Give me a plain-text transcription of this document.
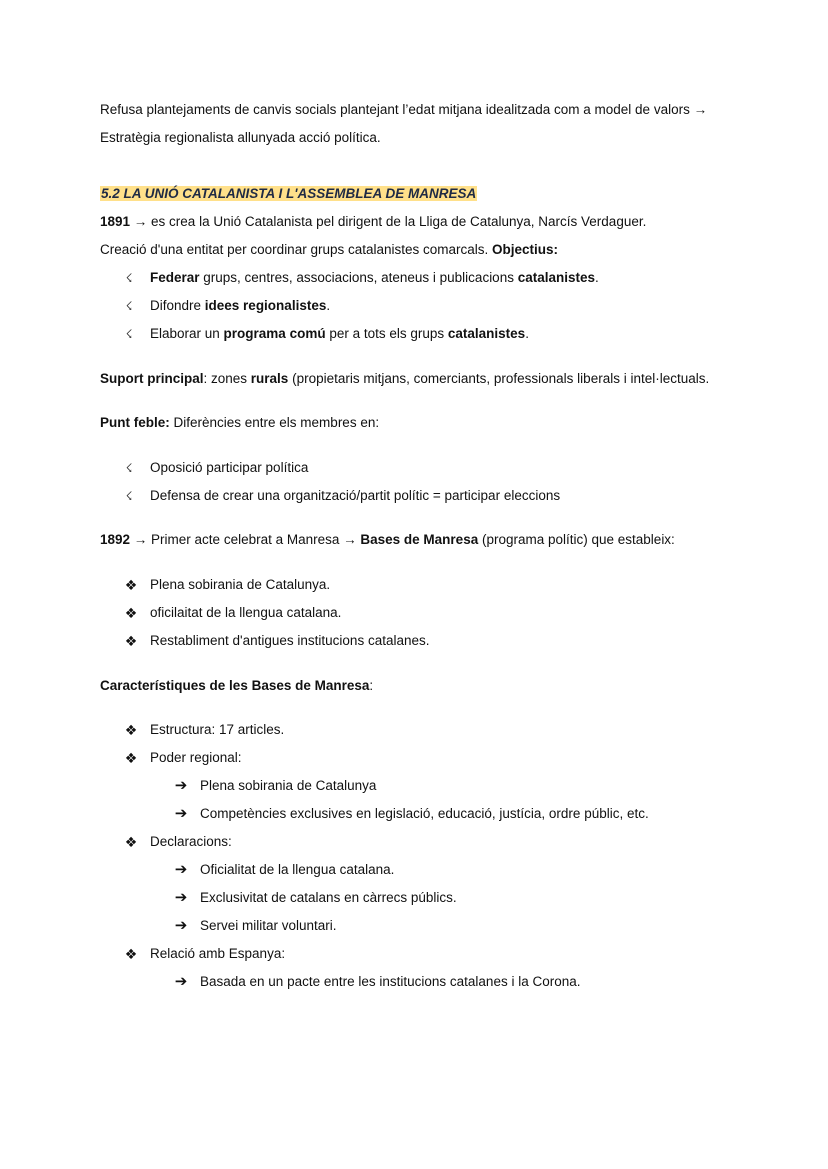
Refusa plantejaments de canvis socials plantejant l’edat mitjana idealitzada com a model de valors →
Estratègia regionalista allunyada acció política.
5.2 LA UNIÓ CATALANISTA I L'ASSEMBLEA DE MANRESA
1891 → es crea la Unió Catalanista pel dirigent de la Lliga de Catalunya, Narcís Verdaguer.
Creació d'una entitat per coordinar grups catalanistes comarcals. Objectius:
☇ Federar grups, centres, associacions, ateneus i publicacions catalanistes.
☇ Difondre idees regionalistes.
☇ Elaborar un programa comú per a tots els grups catalanistes.
Suport principal: zones rurals (propietaris mitjans, comerciants, professionals liberals i intel·lectuals.
Punt feble: Diferències entre els membres en:
☇ Oposició participar política
☇ Defensa de crear una organització/partit polític = participar eleccions
1892 → Primer acte celebrat a Manresa → Bases de Manresa (programa polític) que estableix:
❖ Plena sobirania de Catalunya.
❖ oficilaitat de la llengua catalana.
❖ Restabliment d'antigues institucions catalanes.
Característiques de les Bases de Manresa:
❖ Estructura: 17 articles.
❖ Poder regional:
➔ Plena sobirania de Catalunya
➔ Competències exclusives en legislació, educació, justícia, ordre públic, etc.
❖ Declaracions:
➔ Oficialitat de la llengua catalana.
➔ Exclusivitat de catalans en càrrecs públics.
➔ Servei militar voluntari.
❖ Relació amb Espanya:
➔ Basada en un pacte entre les institucions catalanes i la Corona.
